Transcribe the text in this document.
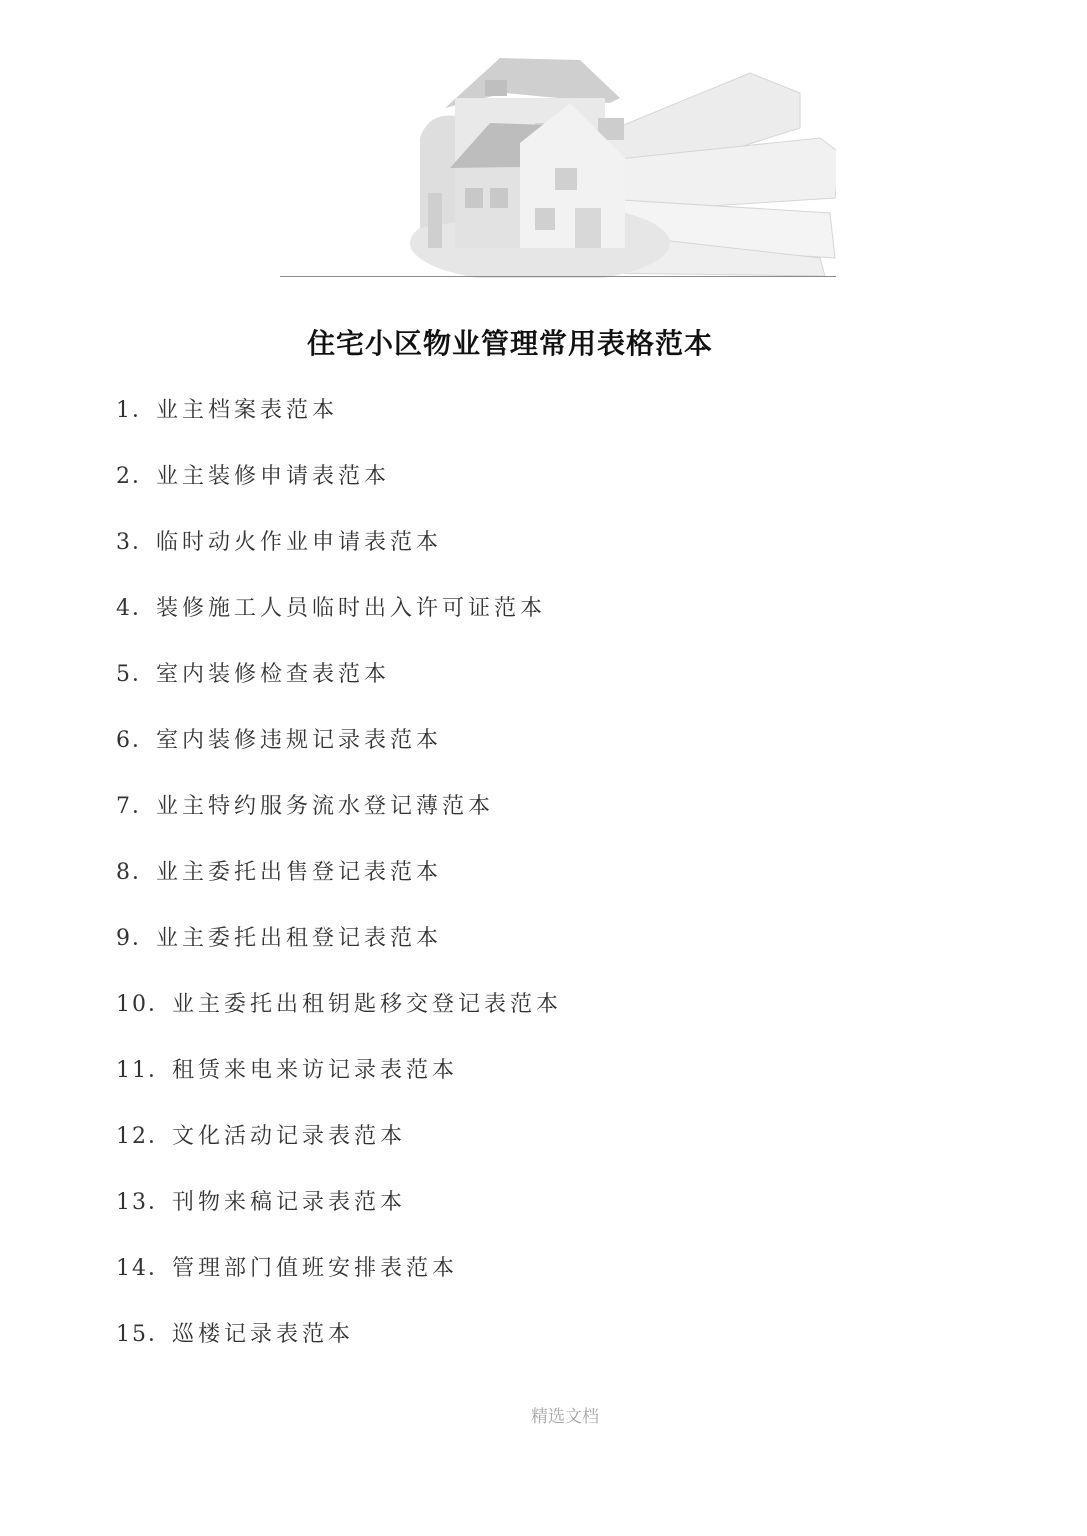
住宅小区物业管理常用表格范本
1．业主档案表范本
2．业主装修申请表范本
3．临时动火作业申请表范本
4．装修施工人员临时出入许可证范本
5．室内装修检查表范本
6．室内装修违规记录表范本
7．业主特约服务流水登记薄范本
8．业主委托出售登记表范本
9．业主委托出租登记表范本
10．业主委托出租钥匙移交登记表范本
11．租赁来电来访记录表范本
12．文化活动记录表范本
13．刊物来稿记录表范本
14．管理部门值班安排表范本
15．巡楼记录表范本
精选文档
